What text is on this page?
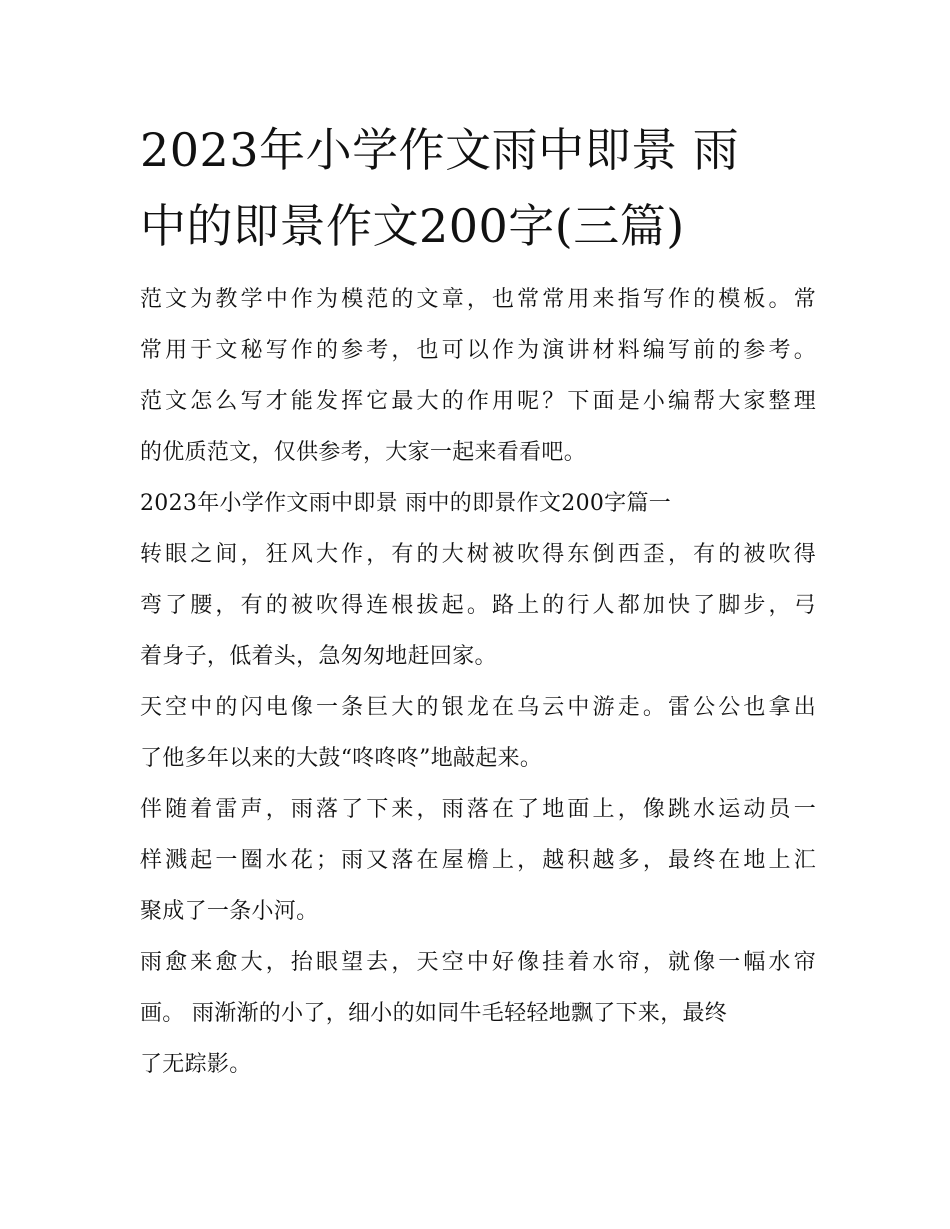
2023年小学作文雨中即景 雨
中的即景作文200字(三篇)

范文为教学中作为模范的文章，也常常用来指写作的模板。常
常用于文秘写作的参考，也可以作为演讲材料编写前的参考。
范文怎么写才能发挥它最大的作用呢？下面是小编帮大家整理
的优质范文，仅供参考，大家一起来看看吧。

2023年小学作文雨中即景 雨中的即景作文200字篇一

转眼之间，狂风大作，有的大树被吹得东倒西歪，有的被吹得
弯了腰，有的被吹得连根拔起。路上的行人都加快了脚步，弓
着身子，低着头，急匆匆地赶回家。

天空中的闪电像一条巨大的银龙在乌云中游走。雷公公也拿出
了他多年以来的大鼓“咚咚咚”地敲起来。

伴随着雷声，雨落了下来，雨落在了地面上，像跳水运动员一
样溅起一圈水花；雨又落在屋檐上，越积越多，最终在地上汇
聚成了一条小河。

雨愈来愈大，抬眼望去，天空中好像挂着水帘，就像一幅水帘
画。 雨渐渐的小了，细小的如同牛毛轻轻地飘了下来，最终
了无踪影。
